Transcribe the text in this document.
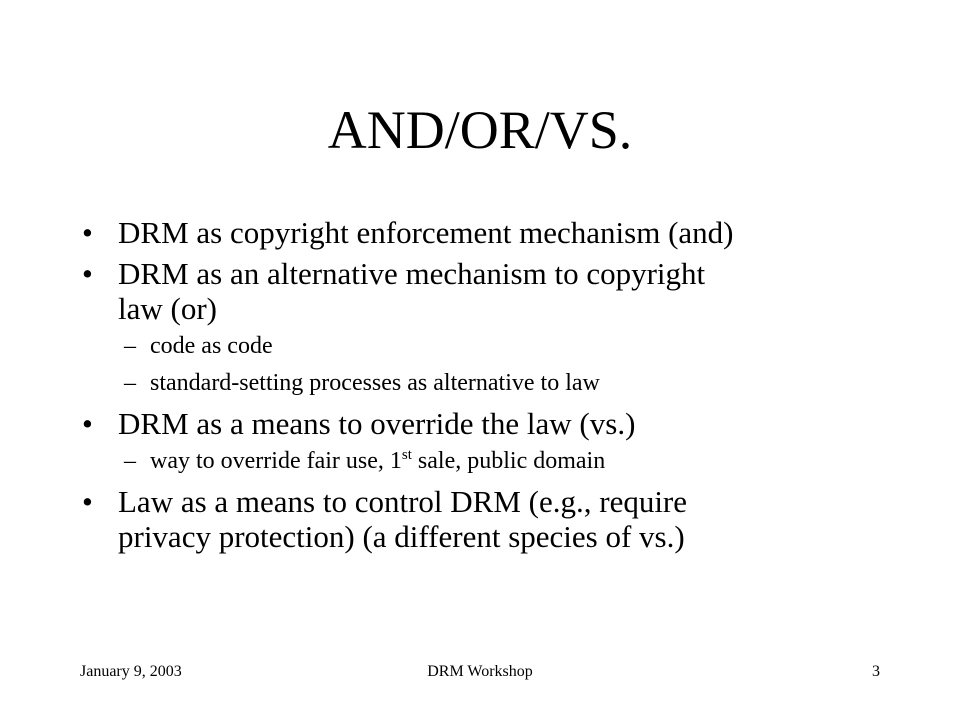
AND/OR/VS.
• DRM as copyright enforcement mechanism (and)
• DRM as an alternative mechanism to copyright
law (or)
– code as code
– standard-setting processes as alternative to law
• DRM as a means to override the law (vs.)
– way to override fair use, 1st sale, public domain
• Law as a means to control DRM (e.g., require
privacy protection) (a different species of vs.)
January 9, 2003	DRM Workshop	3
